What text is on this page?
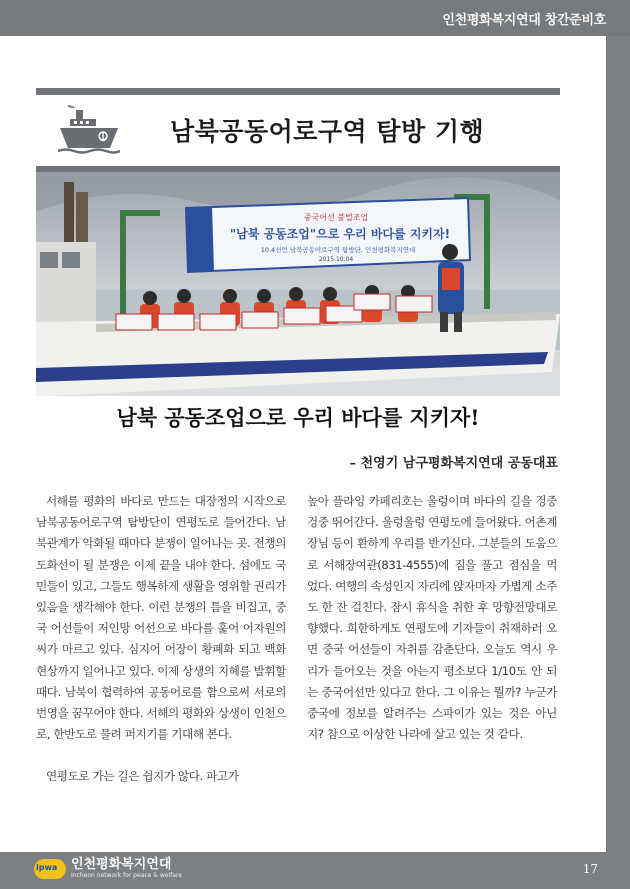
인천평화복지연대 창간준비호
남북공동어로구역 탐방 기행
중국어선 불법조업
"남북 공동조업"으로 우리 바다를 지키자!
10.4선언 남북공동어로구역 탐방단, 인천평화복지연대
2015.10.04
남북 공동조업으로 우리 바다를 지키자!
– 천영기 남구평화복지연대 공동대표

서해를 평화의 바다로 만드는 대장정의 시작으로 남북공동어로구역 탐방단이 연평도로 들어간다. 남북관계가 악화될 때마다 분쟁이 일어나는 곳. 전쟁의 도화선이 될 분쟁은 이제 끝을 내야 한다. 섬에도 국민들이 있고, 그들도 행복하게 생활을 영위할 권리가 있음을 생각해야 한다. 이런 분쟁의 틈을 비집고, 중국 어선들이 저인망 어선으로 바다를 훑어 어자원의 씨가 마르고 있다. 심지어 어장이 황폐화 되고 백화현상까지 일어나고 있다. 이제 상생의 지혜를 발휘할 때다. 남북이 협력하여 공동어로를 함으로써 서로의 번영을 꿈꾸어야 한다. 서해의 평화와 상생이 인천으로, 한반도로 물려 퍼지기를 기대해 본다.

연평도로 가는 길은 쉽지가 않다. 파고가

높아 플라잉 카페리호는 울렁이며 바다의 길을 겅중겅중 뛰어간다. 울렁울렁 연평도에 들어왔다. 어촌계장님 등이 환하게 우리를 반기신다. 그분들의 도움으로 서해장여관(831-4555)에 짐을 풀고 점심을 먹었다. 여행의 속성인지 자리에 앉자마자 가볍게 소주도 한 잔 걸친다. 잠시 휴식을 취한 후 망향전망대로 향했다. 희한하게도 연평도에 기자들이 취재하러 오면 중국 어선들이 자취를 감춘단다. 오늘도 역시 우리가 들어오는 것을 아는지 평소보다 1/10도 안 되는 중국어선만 있다고 한다. 그 이유는 뭘까? 누군가 중국에 정보를 알려주는 스파이가 있는 것은 아닌지? 참으로 이상한 나라에 살고 있는 것 같다.

ipwa 인천평화복지연대
Incheon network for peace & welfare	17
